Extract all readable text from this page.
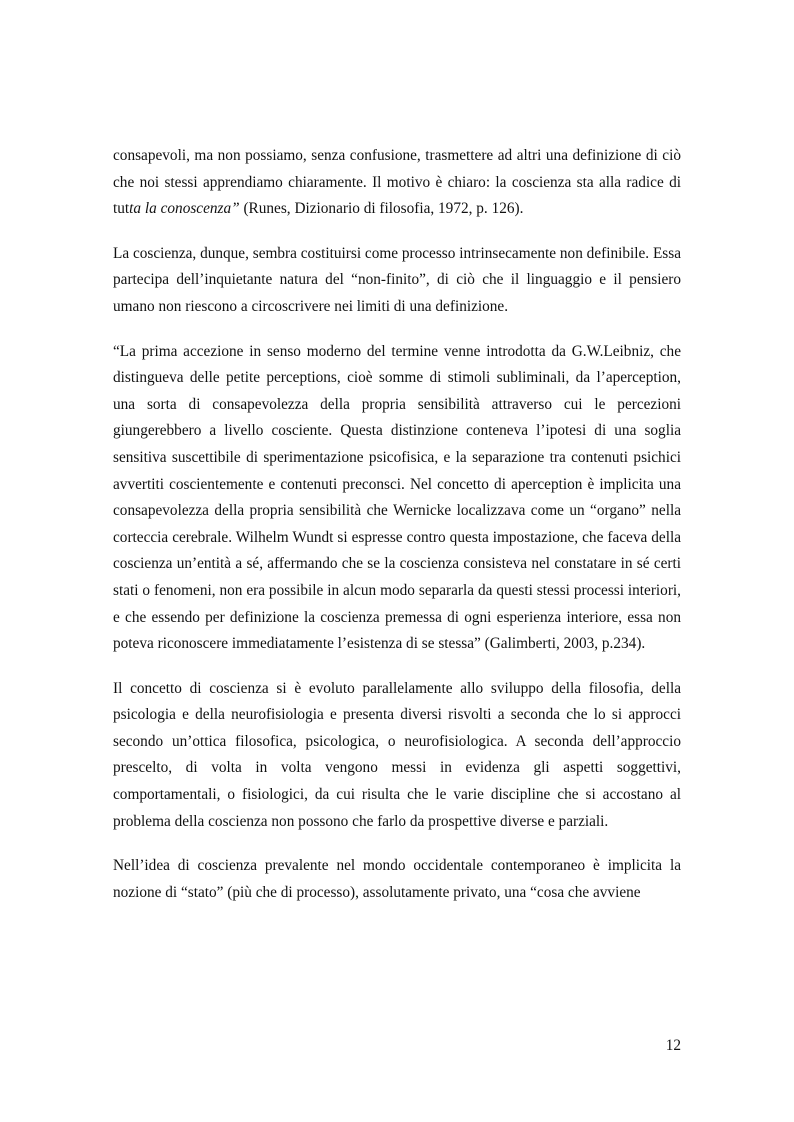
consapevoli, ma non possiamo, senza confusione, trasmettere ad altri una definizione di ciò che noi stessi apprendiamo chiaramente. Il motivo è chiaro: la coscienza sta alla radice di tutta la conoscenza” (Runes, Dizionario di filosofia, 1972, p. 126).

La coscienza, dunque, sembra costituirsi come processo intrinsecamente non definibile. Essa partecipa dell’inquietante natura del “non-finito”, di ciò che il linguaggio e il pensiero umano non riescono a circoscrivere nei limiti di una definizione.

“La prima accezione in senso moderno del termine venne introdotta da G.W.Leibniz, che distingueva delle petite perceptions, cioè somme di stimoli subliminali, da l’aperception, una sorta di consapevolezza della propria sensibilità attraverso cui le percezioni giungerebbero a livello cosciente. Questa distinzione conteneva l’ipotesi di una soglia sensitiva suscettibile di sperimentazione psicofisica, e la separazione tra contenuti psichici avvertiti coscientemente e contenuti preconsci. Nel concetto di aperception è implicita una consapevolezza della propria sensibilità che Wernicke localizzava come un “organo” nella corteccia cerebrale. Wilhelm Wundt si espresse contro questa impostazione, che faceva della coscienza un’entità a sé, affermando che se la coscienza consisteva nel constatare in sé certi stati o fenomeni, non era possibile in alcun modo separarla da questi stessi processi interiori, e che essendo per definizione la coscienza premessa di ogni esperienza interiore, essa non poteva riconoscere immediatamente l’esistenza di se stessa” (Galimberti, 2003, p.234).

Il concetto di coscienza si è evoluto parallelamente allo sviluppo della filosofia, della psicologia e della neurofisiologia e presenta diversi risvolti a seconda che lo si approcci secondo un’ottica filosofica, psicologica, o neurofisiologica. A seconda dell’approccio prescelto, di volta in volta vengono messi in evidenza gli aspetti soggettivi, comportamentali, o fisiologici, da cui risulta che le varie discipline che si accostano al problema della coscienza non possono che farlo da prospettive diverse e parziali.

Nell’idea di coscienza prevalente nel mondo occidentale contemporaneo è implicita la nozione di “stato” (più che di processo), assolutamente privato, una “cosa che avviene

12
